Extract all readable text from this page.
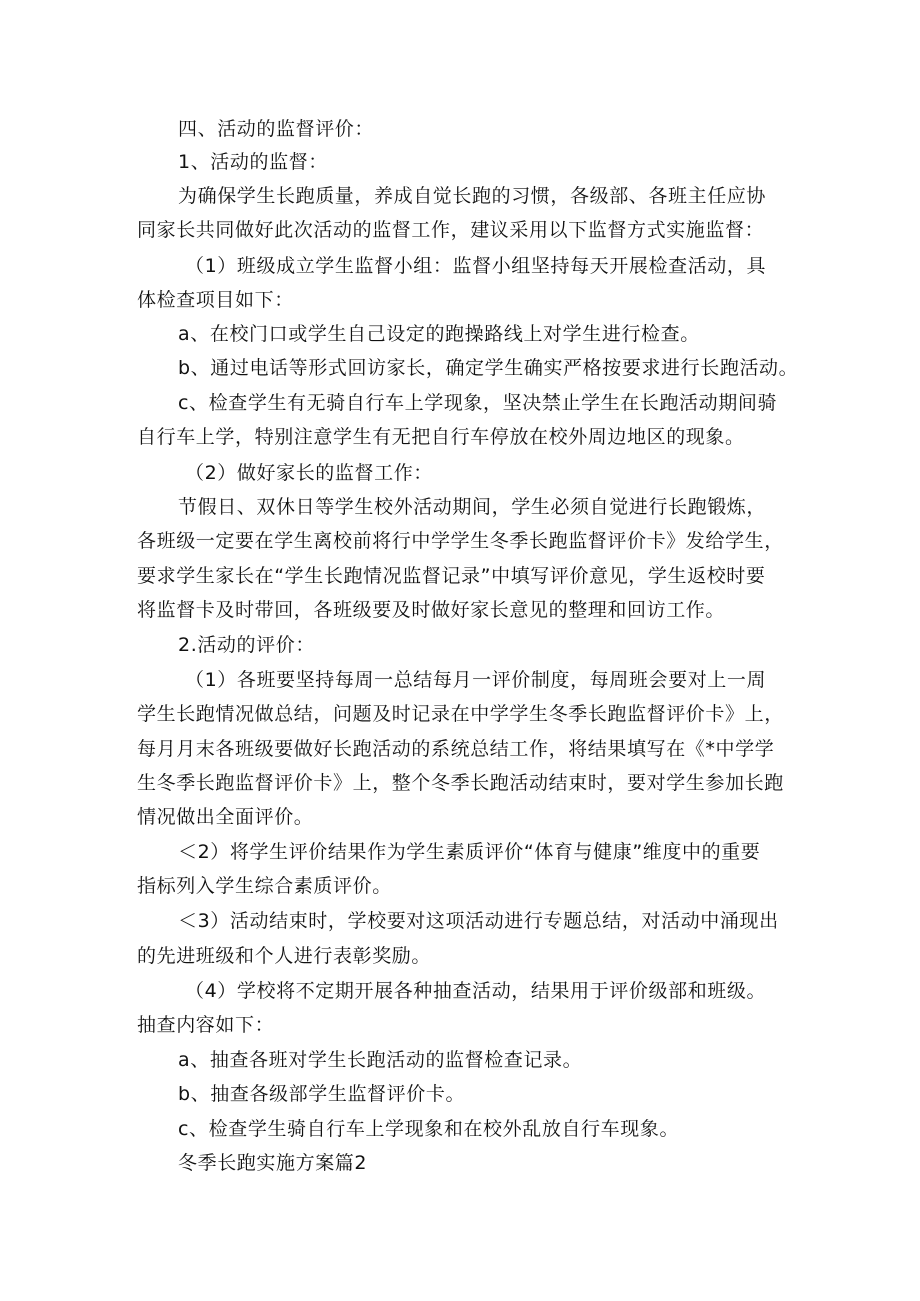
四、活动的监督评价：
1、活动的监督：
为确保学生长跑质量，养成自觉长跑的习惯，各级部、各班主任应协
同家长共同做好此次活动的监督工作，建议采用以下监督方式实施监督：
（1）班级成立学生监督小组：监督小组坚持每天开展检查活动，具
体检查项目如下：
a、在校门口或学生自己设定的跑操路线上对学生进行检查。
b、通过电话等形式回访家长，确定学生确实严格按要求进行长跑活动。
c、检查学生有无骑自行车上学现象，坚决禁止学生在长跑活动期间骑
自行车上学，特别注意学生有无把自行车停放在校外周边地区的现象。
（2）做好家长的监督工作：
节假日、双休日等学生校外活动期间，学生必须自觉进行长跑锻炼，
各班级一定要在学生离校前将行中学学生冬季长跑监督评价卡》发给学生，
要求学生家长在“学生长跑情况监督记录”中填写评价意见，学生返校时要
将监督卡及时带回，各班级要及时做好家长意见的整理和回访工作。
2.活动的评价：
（1）各班要坚持每周一总结每月一评价制度，每周班会要对上一周
学生长跑情况做总结，问题及时记录在中学学生冬季长跑监督评价卡》上，
每月月末各班级要做好长跑活动的系统总结工作，将结果填写在《*中学学
生冬季长跑监督评价卡》上，整个冬季长跑活动结束时，要对学生参加长跑
情况做出全面评价。
＜2）将学生评价结果作为学生素质评价“体育与健康”维度中的重要
指标列入学生综合素质评价。
＜3）活动结束时，学校要对这项活动进行专题总结，对活动中涌现出
的先进班级和个人进行表彰奖励。
（4）学校将不定期开展各种抽查活动，结果用于评价级部和班级。
抽查内容如下：
a、抽查各班对学生长跑活动的监督检查记录。
b、抽查各级部学生监督评价卡。
c、检查学生骑自行车上学现象和在校外乱放自行车现象。
冬季长跑实施方案篇2
